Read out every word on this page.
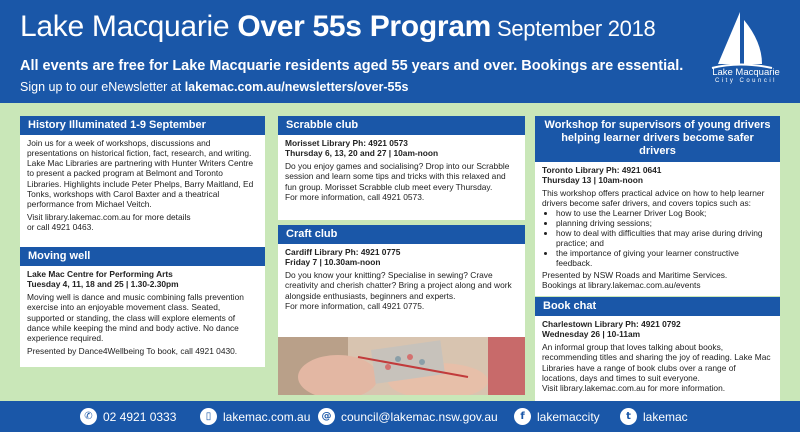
Lake Macquarie Over 55s Program September 2018
All events are free for Lake Macquarie residents aged 55 years and over. Bookings are essential.
Sign up to our eNewsletter at lakemac.com.au/newsletters/over-55s
Lake Macquarie
City Council
History Illuminated 1-9 September

Join us for a week of workshops, discussions and presentations on historical fiction, fact, research, and writing. Lake Mac Libraries are partnering with Hunter Writers Centre to present a packed program at Belmont and Toronto Libraries. Highlights include Peter Phelps, Barry Maitland, Ed Tonks, workshops with Carol Baxter and a theatrical performance from Michael Veitch.

Visit library.lakemac.com.au for more details
or call 4921 0463.
Moving well
Lake Mac Centre for Performing Arts

Tuesday 4, 11, 18 and 25 | 1.30-2.30pm

Moving well is dance and music combining falls prevention exercise into an enjoyable movement class. Seated, supported or standing, the class will explore elements of dance while keeping the mind and body active. No dance experience required.

Presented by Dance4Wellbeing To book, call 4921 0430.
Scrabble club
Morisset Library Ph: 4921 0573

Thursday 6, 13, 20 and 27 | 10am-noon

Do you enjoy games and socialising? Drop into our Scrabble session and learn some tips and tricks with this relaxed and fun group. Morisset Scrabble club meet every Thursday.
For more information, call 4921 0573.
Craft club
Cardiff Library Ph: 4921 0775

Friday 7 | 10.30am-noon

Do you know your knitting? Specialise in sewing? Crave creativity and cherish chatter? Bring a project along and work alongside enthusiasts, beginners and experts.
For more information, call 4921 0775.
Workshop for supervisors of young drivers helping learner drivers become safer drivers
Toronto Library Ph: 4921 0641

Thursday 13 | 10am-noon

This workshop offers practical advice on how to help learner drivers become safer drivers, and covers topics such as:
• how to use the Learner Driver Log Book;
• planning driving sessions;
• how to deal with difficulties that may arise during driving practice; and
• the importance of giving your learner constructive feedback.
Presented by NSW Roads and Maritime Services.
Bookings at library.lakemac.com.au/events
Book chat
Charlestown Library Ph: 4921 0792

Wednesday 26 | 10-11am

An informal group that loves talking about books, recommending titles and sharing the joy of reading. Lake Mac Libraries have a range of book clubs over a range of locations, days and times to suit everyone.
Visit library.lakemac.com.au for more information.
✆ 02 4921 0333	▯ lakemac.com.au	@ council@lakemac.nsw.gov.au	f	lakemaccity	t	lakemac
